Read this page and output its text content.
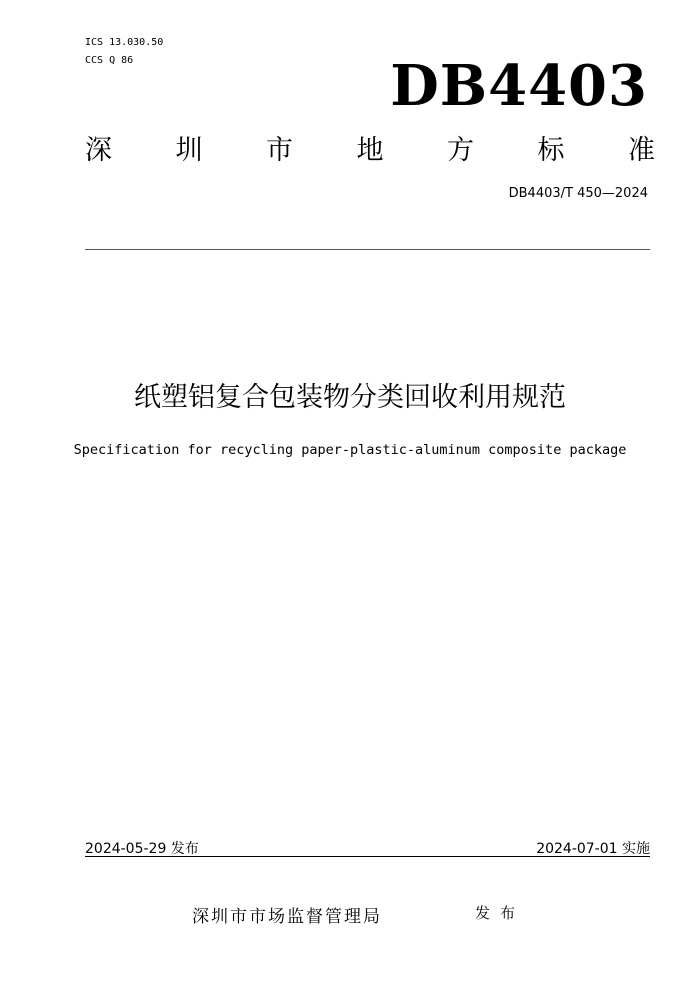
ICS 13.030.50
CCS Q 86	DB4403
深 圳 市 地 方 标 准
DB4403/T 450—2024
纸塑铝复合包装物分类回收利用规范
Specification for recycling paper-plastic-aluminum composite package
2024-05-29 发布	2024-07-01 实施
深圳市市场监督管理局	发布
